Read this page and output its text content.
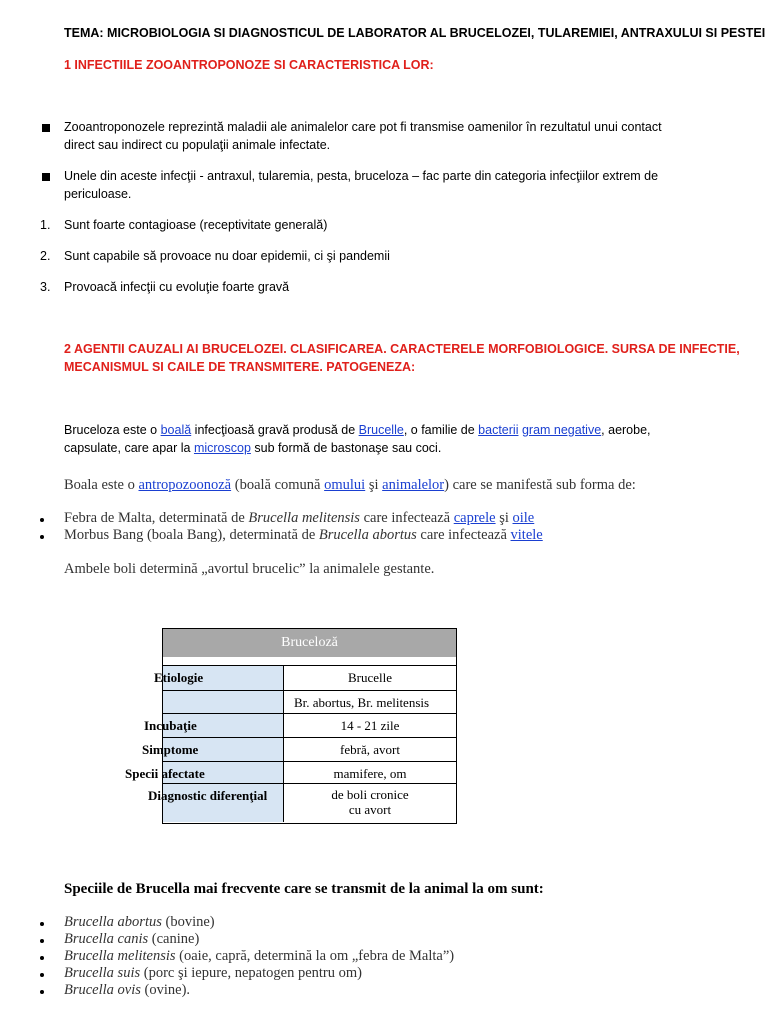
TEMA: MICROBIOLOGIA SI DIAGNOSTICUL DE LABORATOR AL BRUCELOZEI, TULAREMIEI, ANTRAXULUI SI PESTEI
1 INFECTIILE ZOOANTROPONOZE SI CARACTERISTICA LOR:
Zooantroponozele reprezintă maladii ale animalelor care pot fi transmise oamenilor în rezultatul unui contact
direct sau indirect cu populaţii animale infectate.
Unele din aceste infecţii - antraxul, tularemia, pesta, bruceloza – fac parte din categoria infecţiilor extrem de
periculoase.
1. Sunt foarte contagioase (receptivitate generală)
2. Sunt capabile să provoace nu doar epidemii, ci şi pandemii
3. Provoacă infecţii cu evoluţie foarte gravă
2 AGENTII CAUZALI AI BRUCELOZEI. CLASIFICAREA. CARACTERELE MORFOBIOLOGICE. SURSA DE INFECTIE,
MECANISMUL SI CAILE DE TRANSMITERE. PATOGENEZA:
Bruceloza este o boală infecţioasă gravă produsă de Brucelle, o familie de bacterii gram negative, aerobe,
capsulate, care apar la microscop sub formă de bastonaşe sau coci.
Boala este o antropozoonoză (boală comună omului şi animalelor) care se manifestă sub forma de:
Febra de Malta, determinată de Brucella melitensis care infectează caprele şi oile
Morbus Bang (boala Bang), determinată de Brucella abortus care infectează vitele
Ambele boli determină „avortul brucelic” la animalele gestante.
Bruceloză
Etiologie	Brucelle
Br. abortus, Br. melitensis
Incubaţie	14 - 21 zile
Simptome	febră, avort
Specii afectate	mamifere, om
Diagnostic diferenţial	de boli cronice
cu avort
Speciile de Brucella mai frecvente care se transmit de la animal la om sunt:
Brucella abortus (bovine)
Brucella canis (canine)
Brucella melitensis (oaie, capră, determină la om „febra de Malta”)
Brucella suis (porc şi iepure, nepatogen pentru om)
Brucella ovis (ovine).
